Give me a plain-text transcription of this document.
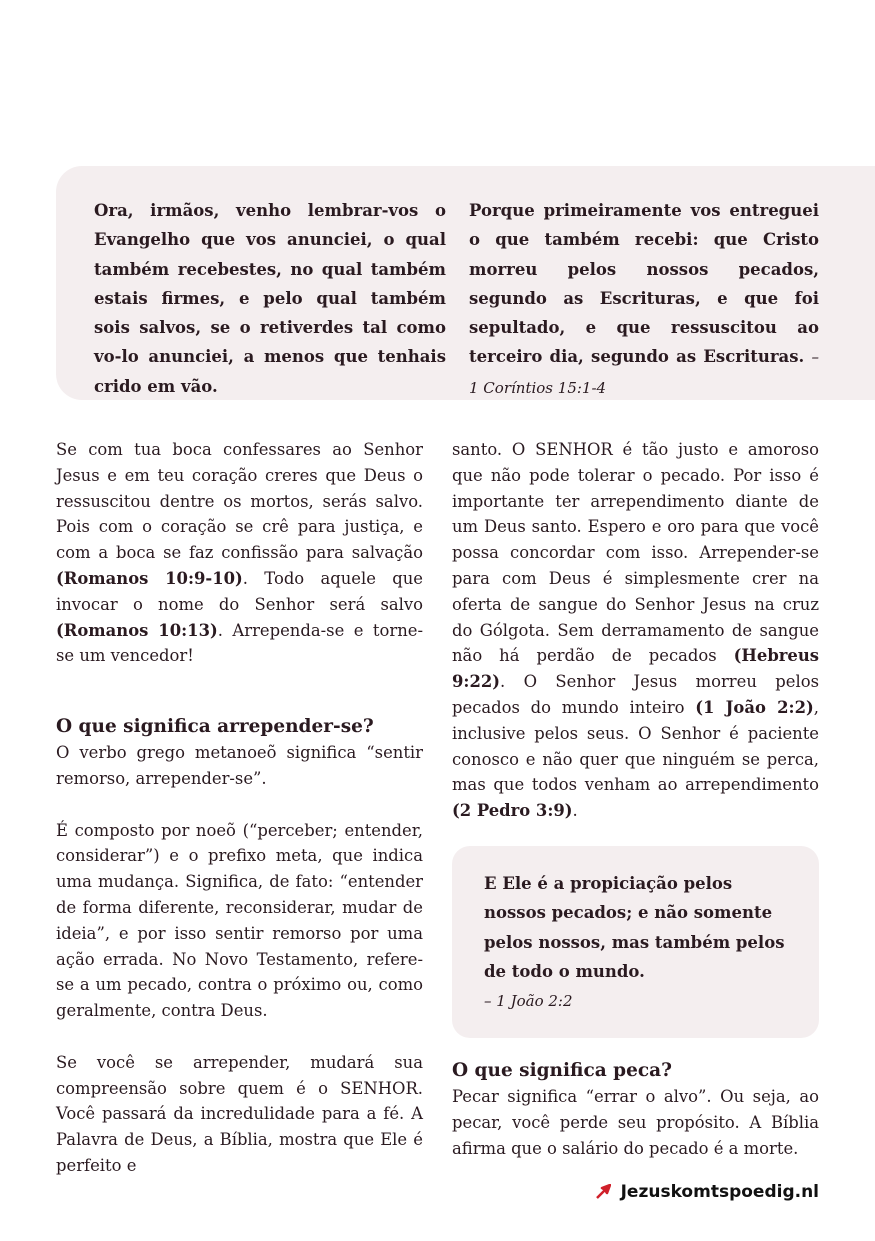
Ora, irmãos, venho lembrar-vos o Evangelho que vos anunciei, o qual também recebestes, no qual também estais firmes, e pelo qual também sois salvos, se o retiverdes tal como vo-lo anunciei, a menos que tenhais crido em vão.
Porque primeiramente vos entreguei o que também recebi: que Cristo morreu pelos nossos pecados, segundo as Escrituras, e que foi sepultado, e que ressuscitou ao terceiro dia, segundo as Escrituras. – 1 Coríntios 15:1-4

Se com tua boca confessares ao Senhor Jesus e em teu coração creres que Deus o ressuscitou dentre os mortos, serás salvo. Pois com o coração se crê para justiça, e com a boca se faz confissão para salvação (Romanos 10:9-10). Todo aquele que invocar o nome do Senhor será salvo (Romanos 10:13). Arrependa-se e torne-se um vencedor!

O que significa arrepender-se?

O verbo grego metanoeõ significa “sentir remorso, arrepender-se”.

É composto por noeõ (“perceber; entender, considerar”) e o prefixo meta, que indica uma mudança. Significa, de fato: “entender de forma diferente, reconsiderar, mudar de ideia”, e por isso sentir remorso por uma ação errada. No Novo Testamento, refere-se a um pecado, contra o próximo ou, como geralmente, contra Deus.

Se você se arrepender, mudará sua compreensão sobre quem é o SENHOR. Você passará da incredulidade para a fé. A Palavra de Deus, a Bíblia, mostra que Ele é perfeito e

santo. O SENHOR é tão justo e amoroso que não pode tolerar o pecado. Por isso é importante ter arrependimento diante de um Deus santo. Espero e oro para que você possa concordar com isso. Arrepender-se para com Deus é simplesmente crer na oferta de sangue do Senhor Jesus na cruz do Gólgota. Sem derramamento de sangue não há perdão de pecados (Hebreus 9:22). O Senhor Jesus morreu pelos pecados do mundo inteiro (1 João 2:2), inclusive pelos seus. O Senhor é paciente conosco e não quer que ninguém se perca, mas que todos venham ao arrependimento (2 Pedro 3:9).

E Ele é a propiciação pelos nossos pecados; e não somente pelos nossos, mas também pelos de todo o mundo.
– 1 João 2:2
O que significa peca?

Pecar significa “errar o alvo”. Ou seja, ao pecar, você perde seu propósito. A Bíblia afirma que o salário do pecado é a morte.

Jezuskomtspoedig.nl
